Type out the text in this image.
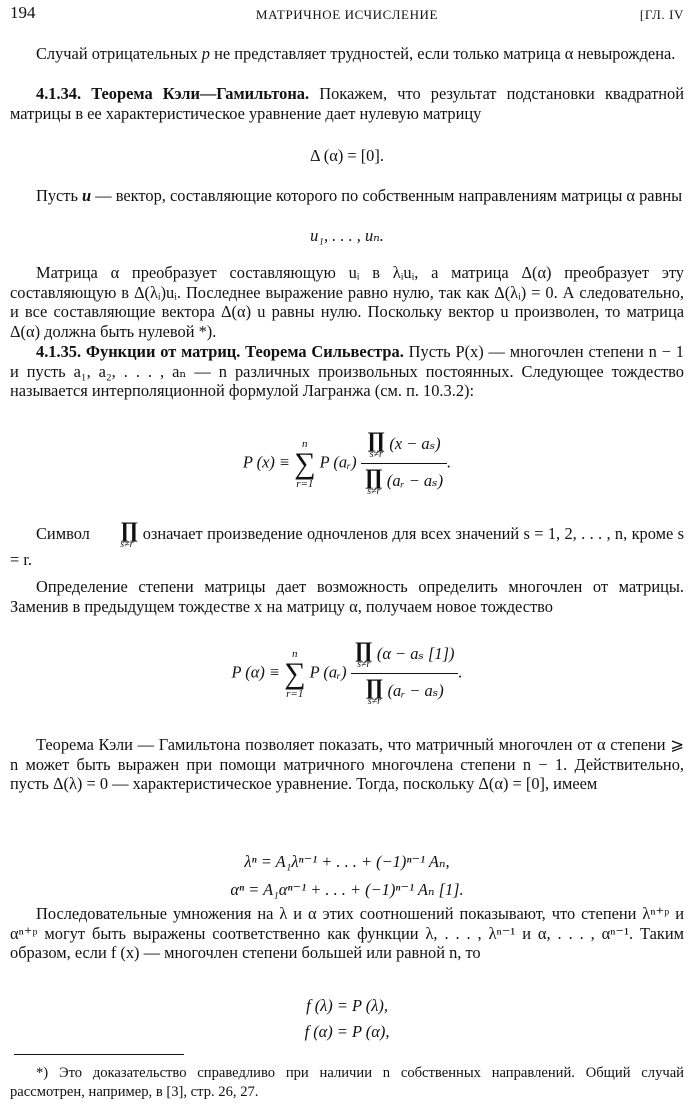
194	МАТРИЧНОЕ ИСЧИСЛЕНИЕ	[ГЛ. IV
Случай отрицательных p не представляет трудностей, если только матрица α невырождена.
4.1.34. Теорема Кэли—Гамильтона. Покажем, что результат подстановки квадратной матрицы в ее характеристическое уравнение дает нулевую матрицу
Δ (α) = [0].
Пусть u — вектор, составляющие которого по собственным направлениям матрицы α равны
u₁, . . . , uₙ.
Матрица α преобразует составляющую uᵢ в λᵢuᵢ, а матрица Δ(α) преобразует эту составляющую в Δ(λᵢ)uᵢ. Последнее выражение равно нулю, так как Δ(λᵢ) = 0. А следовательно, и все составляющие вектора Δ(α) u равны нулю. Поскольку вектор u произволен, то матрица Δ(α) должна быть нулевой *).
4.1.35. Функции от матриц. Теорема Сильвестра. Пусть P(x) — многочлен степени n − 1 и пусть a₁, a₂, . . . , aₙ — n различных произвольных постоянных. Следующее тождество называется интерполяционной формулой Лагранжа (см. п. 10.3.2):
P (x) ≡
n
∑
r=1
P (aᵣ) ∏
s≠r
(x − aₛ)
∏
s≠r
(aᵣ − aₛ) .
Символ	∏
s≠r
означает произведение одночленов для всех значений s = 1, 2, . . . , n, кроме s = r.
Определение степени матрицы дает возможность определить многочлен от матрицы. Заменив в предыдущем тождестве x на матрицу α, получаем новое тождество
P (α) ≡
n
∑
r=1
P (aᵣ) ∏
s≠r
(α − aₛ [1])
∏
s≠r
(aᵣ − aₛ) .
Теорема Кэли — Гамильтона позволяет показать, что матричный многочлен от α степени ⩾ n может быть выражен при помощи матричного многочлена степени n − 1. Действительно, пусть Δ(λ) = 0 — характеристическое уравнение. Тогда, поскольку Δ(α) = [0], имеем
λⁿ = A₁λⁿ⁻¹ + . . . + (−1)ⁿ⁻¹ Aₙ,
αⁿ = A₁αⁿ⁻¹ + . . . + (−1)ⁿ⁻¹ Aₙ [1].
Последовательные умножения на λ и α этих соотношений показывают, что степени λⁿ⁺ᵖ и αⁿ⁺ᵖ могут быть выражены соответственно как функции λ, . . . , λⁿ⁻¹ и α, . . . , αⁿ⁻¹. Таким образом, если f (x) — многочлен степени большей или равной n, то
f (λ) = P (λ),
f (α) = P (α),
*) Это доказательство справедливо при наличии n собственных направлений. Общий случай рассмотрен, например, в [3], стр. 26, 27.
